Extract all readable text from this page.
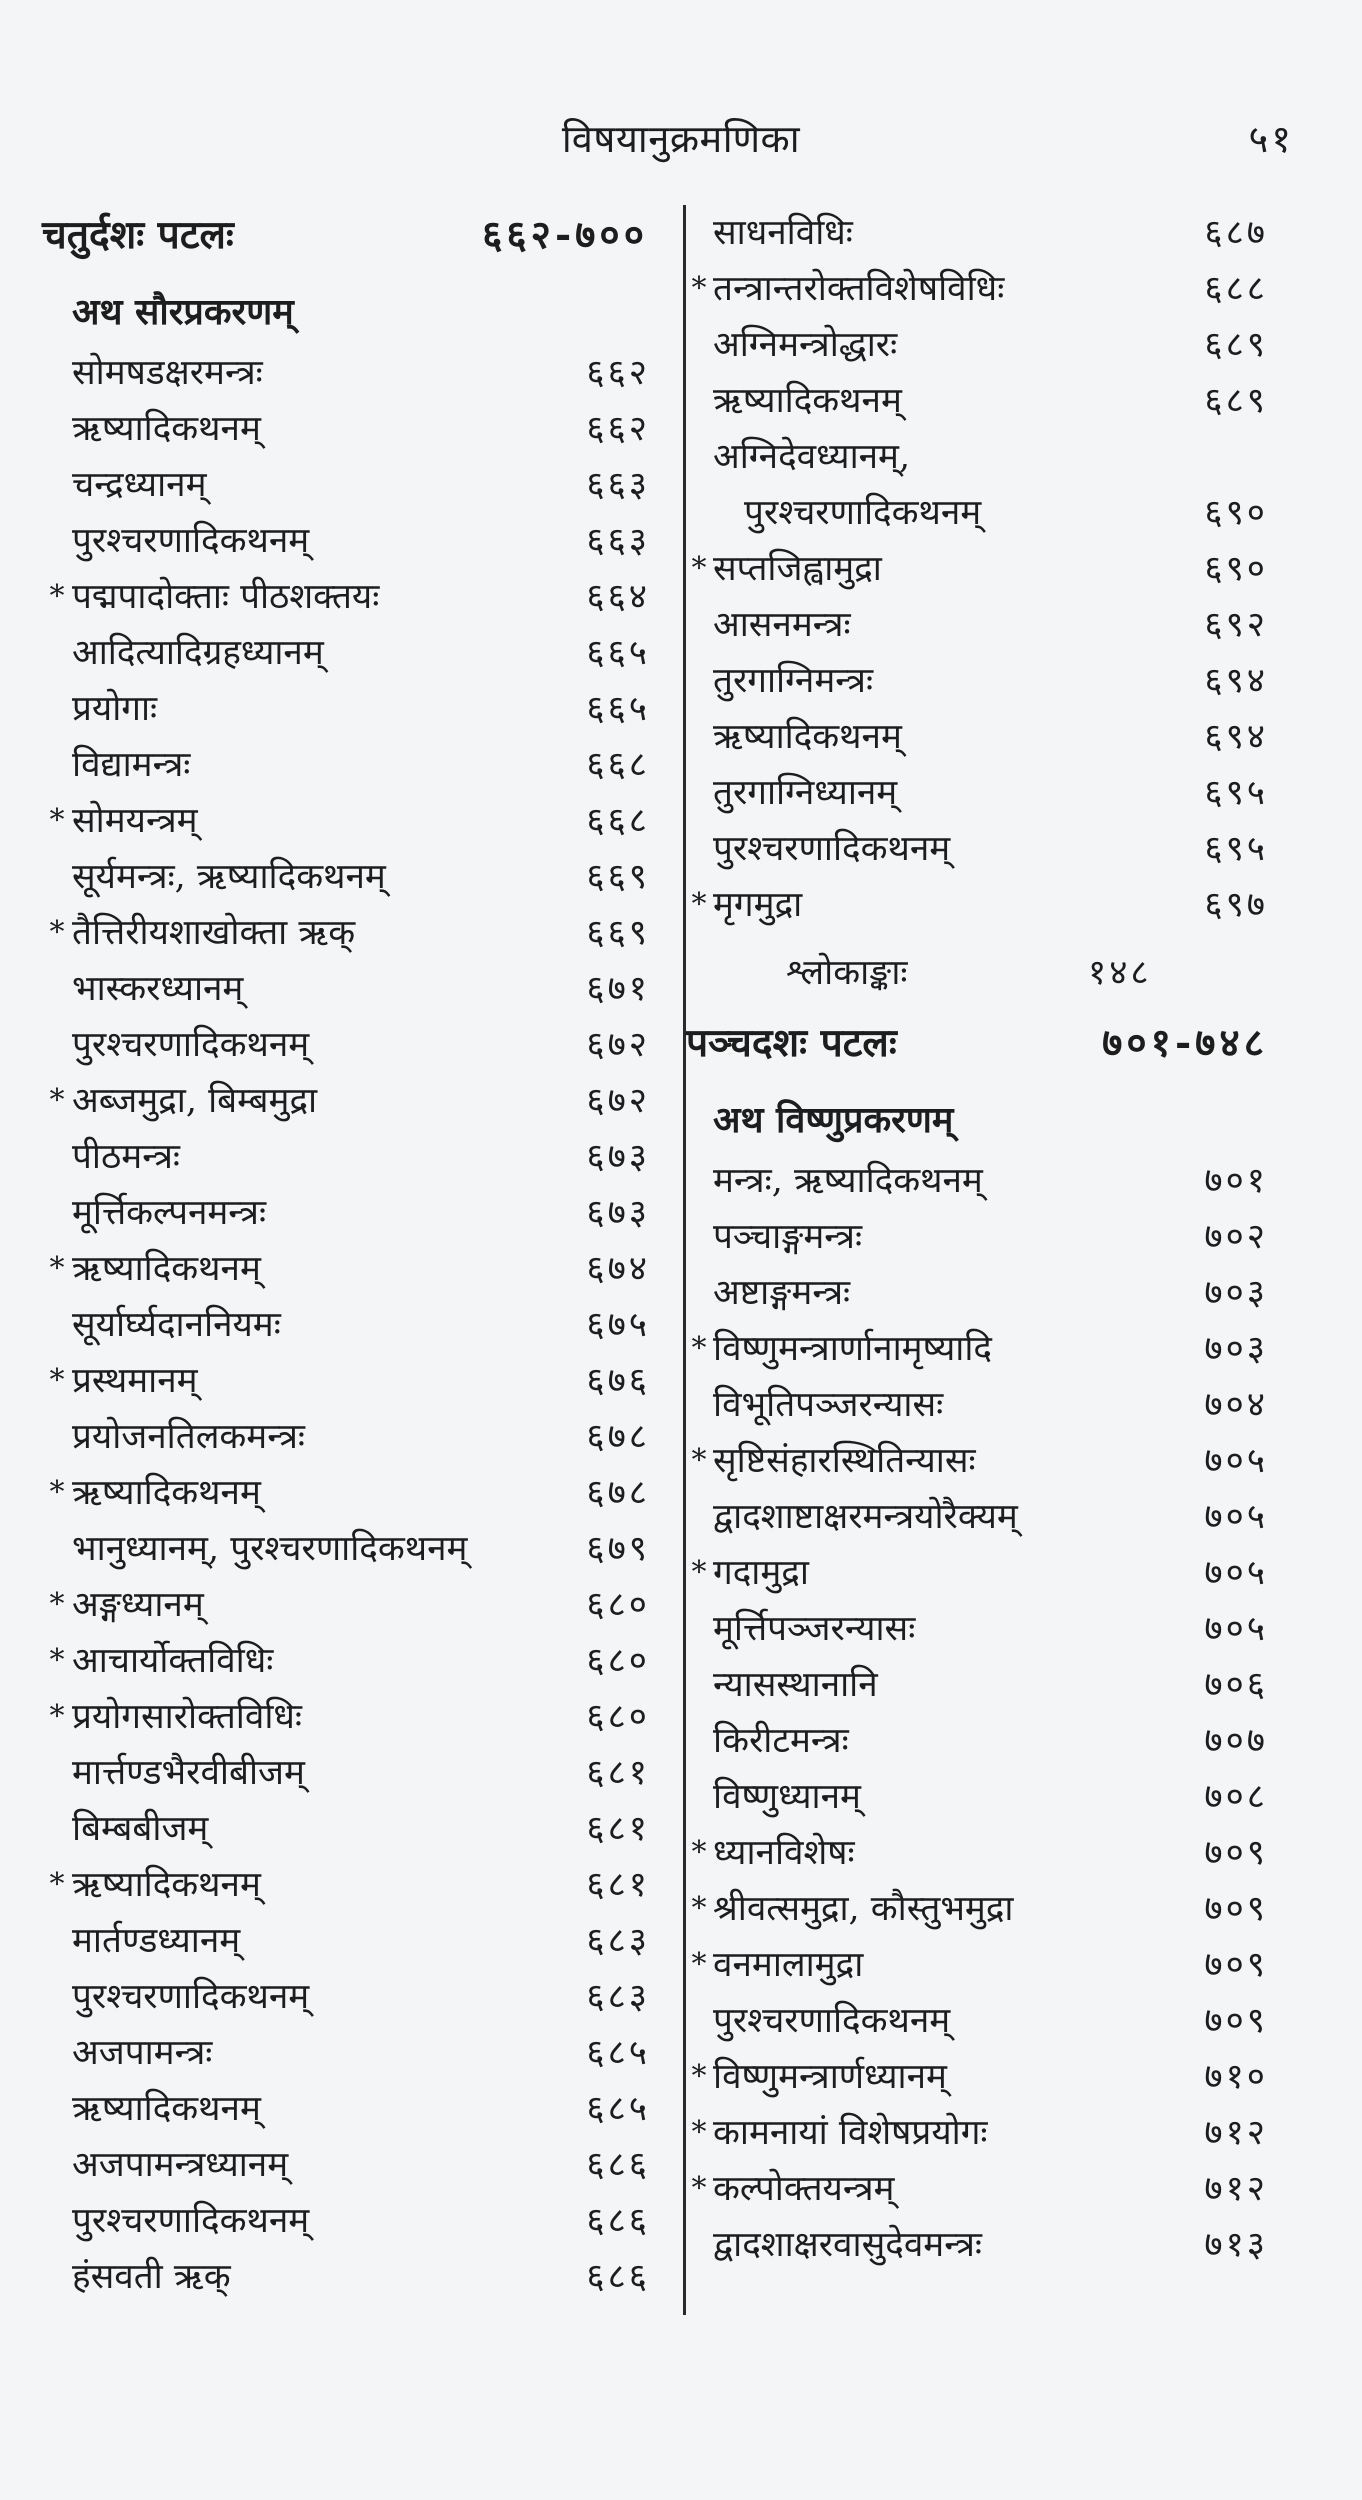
विषयानुक्रमणिका	५१
चतुर्दशः पटलः	६६२-७००
अथ सौरप्रकरणम्
सोमषडक्षरमन्त्रः	६६२
ऋष्यादिकथनम्	६६२
चन्द्रध्यानम्	६६३
पुरश्चरणादिकथनम्	६६३
* पद्मपादोक्ताः पीठशक्तयः	६६४
आदित्यादिग्रहध्यानम्	६६५
प्रयोगाः	६६५
विद्यामन्त्रः	६६८
* सोमयन्त्रम्	६६८
सूर्यमन्त्रः, ऋष्यादिकथनम्	६६९
* तैत्तिरीयशाखोक्ता ऋक्	६६९
भास्करध्यानम्	६७१
पुरश्चरणादिकथनम्	६७२
* अब्जमुद्रा, बिम्बमुद्रा	६७२
पीठमन्त्रः	६७३
मूर्त्तिकल्पनमन्त्रः	६७३
* ऋष्यादिकथनम्	६७४
सूर्यार्घ्यदाननियमः	६७५
* प्रस्थमानम्	६७६
प्रयोजनतिलकमन्त्रः	६७८
* ऋष्यादिकथनम्	६७८
भानुध्यानम्, पुरश्चरणादिकथनम्	६७९
* अङ्गध्यानम्	६८०
* आचार्योक्तविधिः	६८०
* प्रयोगसारोक्तविधिः	६८०
मार्त्तण्डभैरवीबीजम्	६८१
बिम्बबीजम्	६८१
* ऋष्यादिकथनम्	६८१
मार्तण्डध्यानम्	६८३
पुरश्चरणादिकथनम्	६८३
अजपामन्त्रः	६८५
ऋष्यादिकथनम्	६८५
अजपामन्त्रध्यानम्	६८६
पुरश्चरणादिकथनम्	६८६
हंसवती ऋक्	६८६
साधनविधिः	६८७
* तन्त्रान्तरोक्तविशेषविधिः	६८८
अग्निमन्त्रोद्धारः	६८९
ऋष्यादिकथनम्	६८९
अग्निदेवध्यानम्,
पुरश्चरणादिकथनम्	६९०
* सप्तजिह्वामुद्रा	६९०
आसनमन्त्रः	६९२
तुरगाग्निमन्त्रः	६९४
ऋष्यादिकथनम्	६९४
तुरगाग्निध्यानम्	६९५
पुरश्चरणादिकथनम्	६९५
* मृगमुद्रा	६९७
श्लोकाङ्काः	१४८
पञ्चदशः पटलः	७०१-७४८
अथ विष्णुप्रकरणम्
मन्त्रः, ऋष्यादिकथनम्	७०१
पञ्चाङ्गमन्त्रः	७०२
अष्टाङ्गमन्त्रः	७०३
* विष्णुमन्त्रार्णानामृष्यादि	७०३
विभूतिपञ्जरन्यासः	७०४
* सृष्टिसंहारस्थितिन्यासः	७०५
द्वादशाष्टाक्षरमन्त्रयोरैक्यम्	७०५
* गदामुद्रा	७०५
मूर्त्तिपञ्जरन्यासः	७०५
न्यासस्थानानि	७०६
किरीटमन्त्रः	७०७
विष्णुध्यानम्	७०८
* ध्यानविशेषः	७०९
* श्रीवत्समुद्रा, कौस्तुभमुद्रा	७०९
* वनमालामुद्रा	७०९
पुरश्चरणादिकथनम्	७०९
* विष्णुमन्त्रार्णध्यानम्	७१०
* कामनायां विशेषप्रयोगः	७१२
* कल्पोक्तयन्त्रम्	७१२
द्वादशाक्षरवासुदेवमन्त्रः	७१३
